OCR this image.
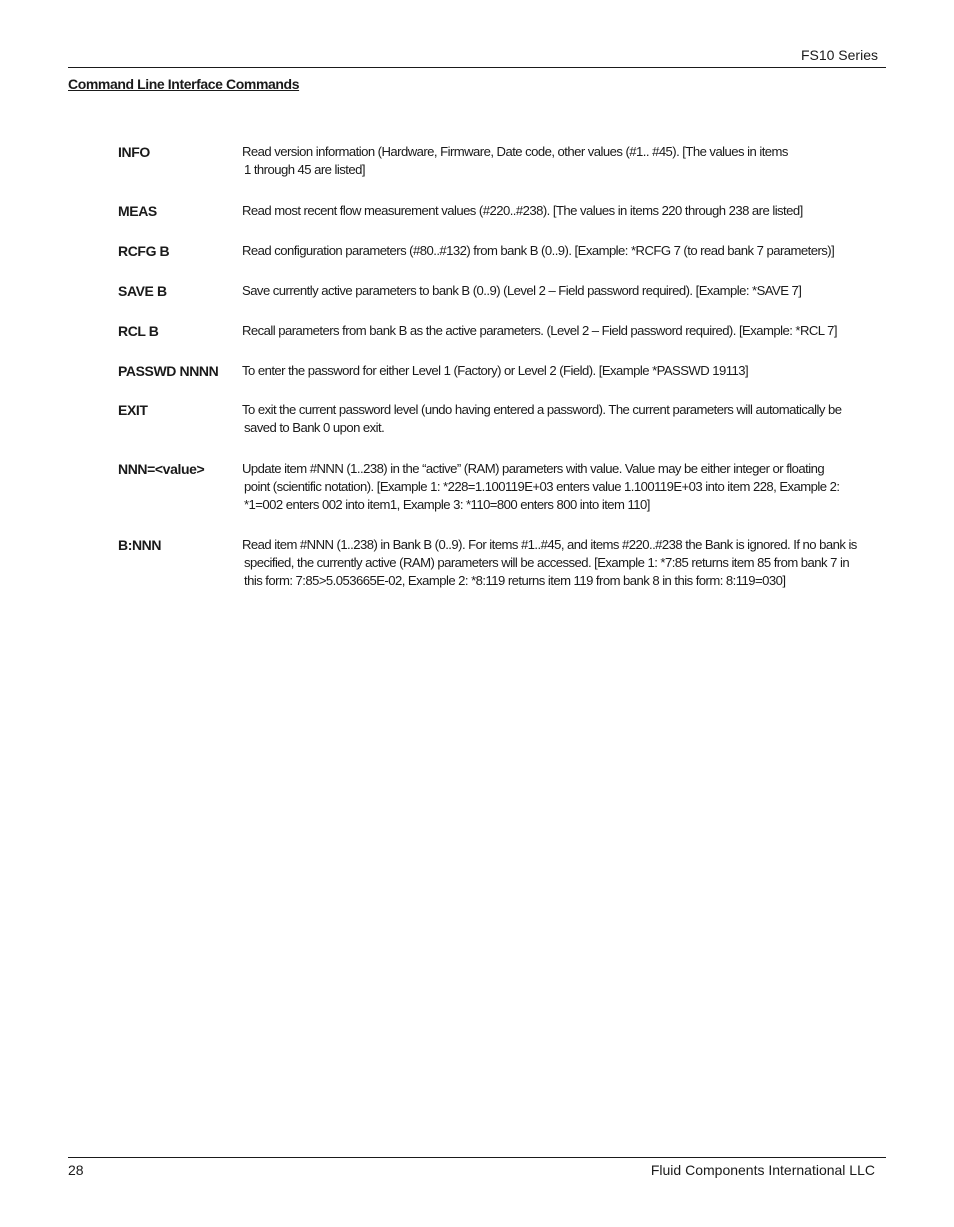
FS10 Series
Command Line Interface Commands
INFO	Read version information (Hardware, Firmware, Date code, other values (#1.. #45). [The values in items
1 through 45 are listed]
MEAS	Read most recent flow measurement values (#220..#238). [The values in items 220 through 238 are listed]
RCFG B	Read configuration parameters (#80..#132) from bank B (0..9). [Example: *RCFG 7 (to read bank 7 parameters)]
SAVE B	Save currently active parameters to bank B (0..9) (Level 2 – Field password required). [Example: *SAVE 7]
RCL B	Recall parameters from bank B as the active parameters. (Level 2 – Field password required). [Example: *RCL 7]
PASSWD NNNN	To enter the password for either Level 1 (Factory) or Level 2 (Field). [Example *PASSWD 19113]
EXIT	To exit the current password level (undo having entered a password). The current parameters will automatically be
saved to Bank 0 upon exit.
NNN=<value>	Update item #NNN (1..238) in the “active” (RAM) parameters with value. Value may be either integer or floating
point (scientific notation). [Example 1: *228=1.100119E+03 enters value 1.100119E+03 into item 228, Example 2:
*1=002 enters 002 into item1, Example 3: *110=800 enters 800 into item 110]
B:NNN	Read item #NNN (1..238) in Bank B (0..9). For items #1..#45, and items #220..#238 the Bank is ignored. If no bank is
specified, the currently active (RAM) parameters will be accessed. [Example 1: *7:85 returns item 85 from bank 7 in
this form: 7:85>5.053665E-02, Example 2: *8:119 returns item 119 from bank 8 in this form: 8:119=030]
28	Fluid Components International LLC
